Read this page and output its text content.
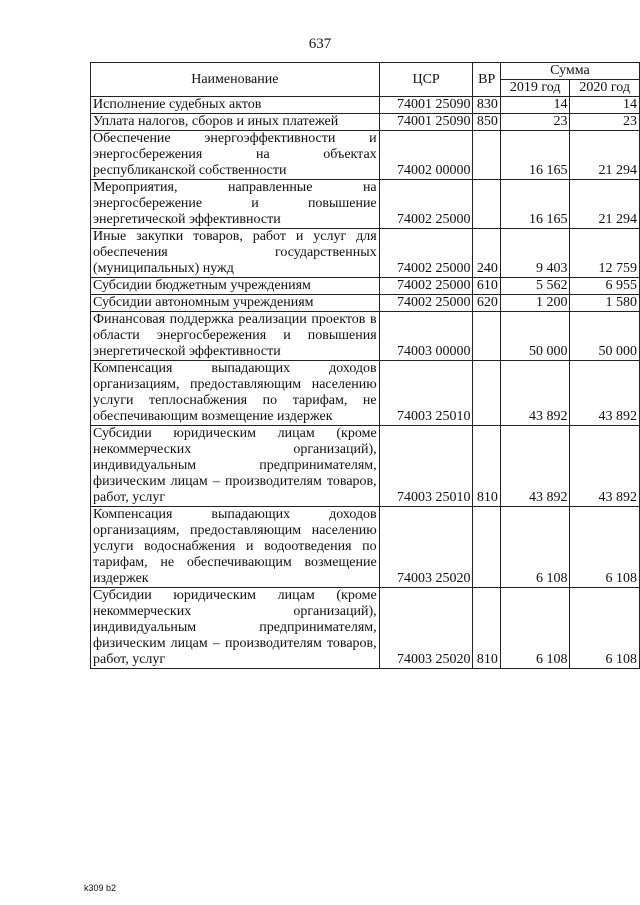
637
Наименование	ЦСР	ВР	Сумма	
			2019 год	2020 год
Исполнение судебных актов	74001 25090	830	14	14
Уплата налогов, сборов и иных платежей	74001 25090	850	23	23
Обеспечение энергоэффективности и энергосбережения на объектах республиканской собственности	74002 00000		16 165	21 294
Мероприятия, направленные на энергосбережение и повышение энергетической эффективности	74002 25000		16 165	21 294
Иные закупки товаров, работ и услуг для обеспечения государственных (муниципальных) нужд	74002 25000	240	9 403	12 759
Субсидии бюджетным учреждениям	74002 25000	610	5 562	6 955
Субсидии автономным учреждениям	74002 25000	620	1 200	1 580
Финансовая поддержка реализации проектов в области энергосбережения и повышения энергетической эффективности	74003 00000		50 000	50 000
Компенсация выпадающих доходов организациям, предоставляющим населению услуги теплоснабжения по тарифам, не обеспечивающим возмещение издержек	74003 25010		43 892	43 892
Субсидии юридическим лицам (кроме некоммерческих организаций), индивидуальным предпринимателям, физическим лицам – производителям товаров, работ, услуг	74003 25010	810	43 892	43 892
Компенсация выпадающих доходов организациям, предоставляющим населению услуги водоснабжения и водоотведения по тарифам, не обеспечивающим возмещение издержек	74003 25020		6 108	6 108
Субсидии юридическим лицам (кроме некоммерческих организаций), индивидуальным предпринимателям, физическим лицам – производителям товаров, работ, услуг	74003 25020	810	6 108	6 108
k309 b2
